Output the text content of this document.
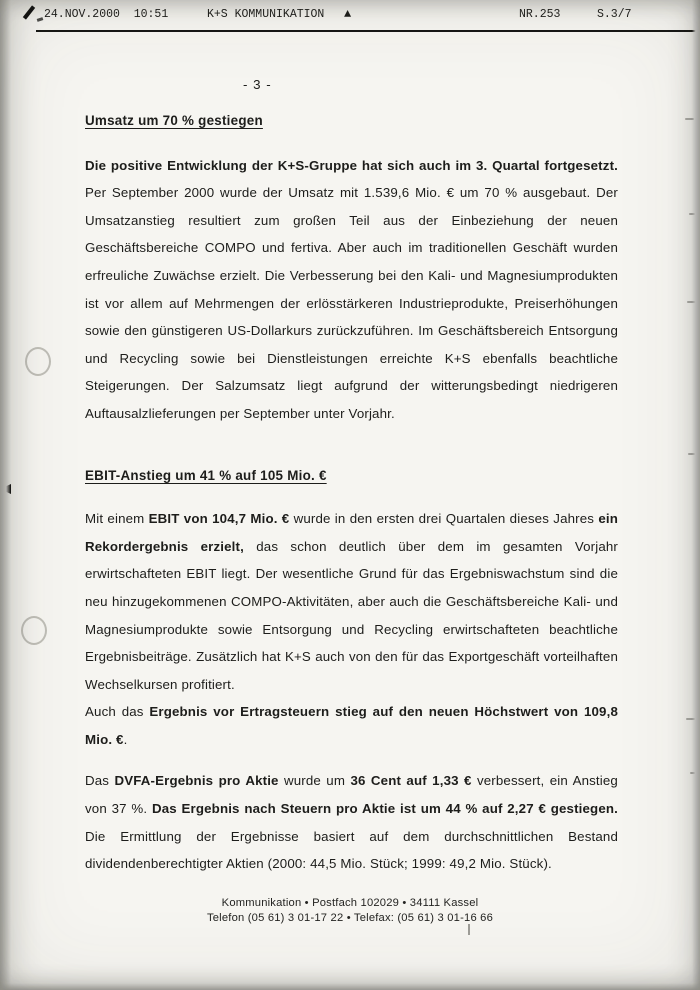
24.NOV.2000  10:51	K+S KOMMUNIKATION ▲	NR.253	S.3/7
- 3 -
Umsatz um 70 % gestiegen

Die positive Entwicklung der K+S-Gruppe hat sich auch im 3. Quartal fortgesetzt. Per September 2000 wurde der Umsatz mit 1.539,6 Mio. € um 70 % ausgebaut. Der Umsatzanstieg resultiert zum großen Teil aus der Einbeziehung der neuen Geschäftsbereiche COMPO und fertiva. Aber auch im traditionellen Geschäft wurden erfreuliche Zuwächse erzielt. Die Verbesserung bei den Kali- und Magnesiumprodukten ist vor allem auf Mehrmengen der erlösstärkeren Industrieprodukte, Preiserhöhungen sowie den günstigeren US-Dollarkurs zurückzuführen. Im Geschäftsbereich Entsorgung und Recycling sowie bei Dienstleistungen erreichte K+S ebenfalls beachtliche Steigerungen. Der Salzumsatz liegt aufgrund der witterungsbedingt niedrigeren Auftausalzlieferungen per September unter Vorjahr.

EBIT-Anstieg um 41 % auf 105 Mio. €

Mit einem EBIT von 104,7 Mio. € wurde in den ersten drei Quartalen dieses Jahres ein Rekordergebnis erzielt, das schon deutlich über dem im gesamten Vorjahr erwirtschafteten EBIT liegt. Der wesentliche Grund für das Ergebniswachstum sind die neu hinzugekommenen COMPO-Aktivitäten, aber auch die Geschäftsbereiche Kali- und Magnesiumprodukte sowie Entsorgung und Recycling erwirtschafteten beachtliche Ergebnisbeiträge. Zusätzlich hat K+S auch von den für das Exportgeschäft vorteilhaften Wechselkursen profitiert.

Auch das Ergebnis vor Ertragsteuern stieg auf den neuen Höchstwert von 109,8 Mio. €.

Das DVFA-Ergebnis pro Aktie wurde um 36 Cent auf 1,33 € verbessert, ein Anstieg von 37 %. Das Ergebnis nach Steuern pro Aktie ist um 44 % auf 2,27 € gestiegen. Die Ermittlung der Ergebnisse basiert auf dem durchschnittlichen Bestand dividendenberechtigter Aktien (2000: 44,5 Mio. Stück; 1999: 49,2 Mio. Stück).

Kommunikation • Postfach 102029 • 34111 Kassel
Telefon (05 61) 3 01-17 22 • Telefax: (05 61) 3 01-16 66
